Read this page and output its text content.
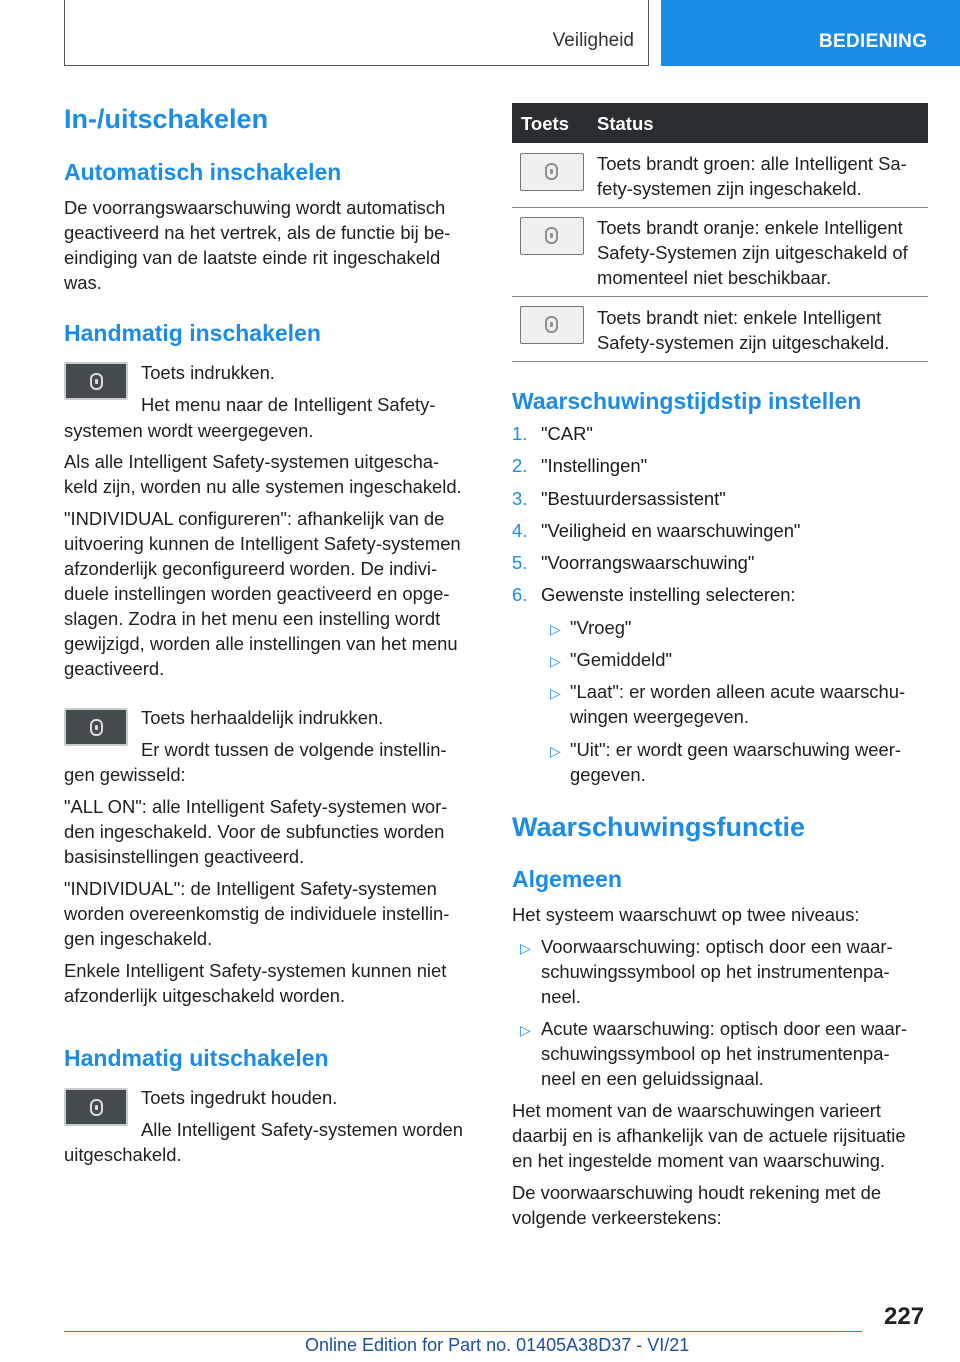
Veiligheid	BEDIENING
In-/uitschakelen
Automatisch inschakelen

De voorrangswaarschuwing wordt automatisch

geactiveerd na het vertrek, als de functie bij be-

eindiging van de laatste einde rit ingeschakeld

was.

Handmatig inschakelen

Toets indrukken.

Het menu naar de Intelligent Safety-

systemen wordt weergegeven.

Als alle Intelligent Safety-systemen uitgescha-

keld zijn, worden nu alle systemen ingeschakeld.

"INDIVIDUAL configureren": afhankelijk van de

uitvoering kunnen de Intelligent Safety-systemen

afzonderlijk geconfigureerd worden. De indivi-

duele instellingen worden geactiveerd en opge-

slagen. Zodra in het menu een instelling wordt

gewijzigd, worden alle instellingen van het menu

geactiveerd.

Toets herhaaldelijk indrukken.

Er wordt tussen de volgende instellin-

gen gewisseld:

"ALL ON": alle Intelligent Safety-systemen wor-

den ingeschakeld. Voor de subfuncties worden

basisinstellingen geactiveerd.

"INDIVIDUAL": de Intelligent Safety-systemen

worden overeenkomstig de individuele instellin-

gen ingeschakeld.

Enkele Intelligent Safety-systemen kunnen niet

afzonderlijk uitgeschakeld worden.

Handmatig uitschakelen

Toets ingedrukt houden.

Alle Intelligent Safety-systemen worden

uitgeschakeld.

Toets Status

Toets brandt groen: alle Intelligent Sa-

fety-systemen zijn ingeschakeld.

Toets brandt oranje: enkele Intelligent

Safety-Systemen zijn uitgeschakeld of

momenteel niet beschikbaar.

Toets brandt niet: enkele Intelligent

Safety-systemen zijn uitgeschakeld.

Waarschuwingstijdstip instellen
1. "CAR"
2. "Instellingen"
3. "Bestuurdersassistent"
4. "Veiligheid en waarschuwingen"
5. "Voorrangswaarschuwing"
6. Gewenste instelling selecteren:
▷ "Vroeg"

▷ "Gemiddeld"

▷ "Laat": er worden alleen acute waarschu-

wingen weergegeven.

▷ "Uit": er wordt geen waarschuwing weer-

gegeven.

Waarschuwingsfunctie
Algemeen

Het systeem waarschuwt op twee niveaus:

▷ Voorwaarschuwing: optisch door een waar-

schuwingssymbool op het instrumentenpa-

neel.

▷ Acute waarschuwing: optisch door een waar-

schuwingssymbool op het instrumentenpa-

neel en een geluidssignaal.

Het moment van de waarschuwingen varieert

daarbij en is afhankelijk van de actuele rijsituatie

en het ingestelde moment van waarschuwing.

De voorwaarschuwing houdt rekening met de

volgende verkeerstekens:

227
Online Edition for Part no. 01405A38D37 - VI/21
